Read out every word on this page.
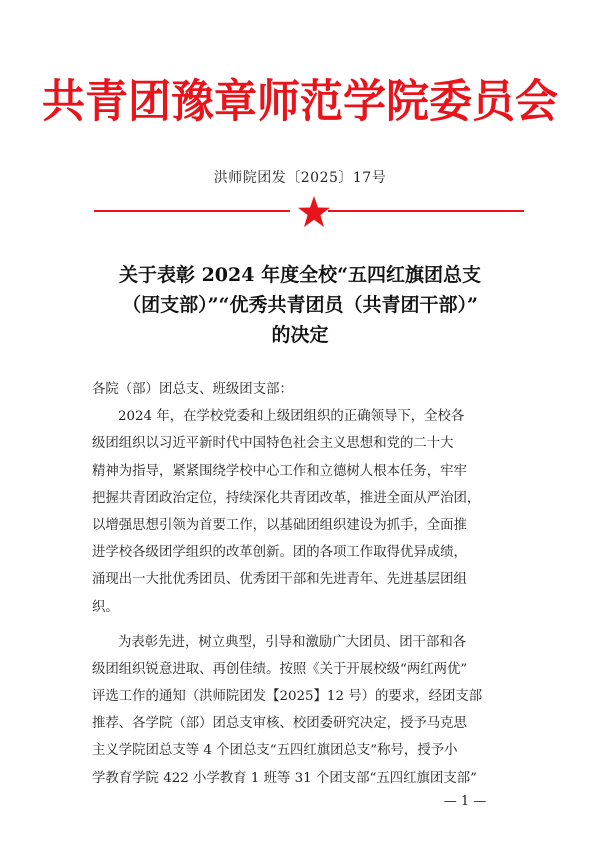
共青团豫章师范学院委员会
洪师院团发〔2025〕17号
关于表彰 2024 年度全校“五四红旗团总支
（团支部）”“优秀共青团员（共青团干部）”
的决定
各院（部）团总支、班级团支部：
2024 年，在学校党委和上级团组织的正确领导下，全校各
级团组织以习近平新时代中国特色社会主义思想和党的二十大
精神为指导，紧紧围绕学校中心工作和立德树人根本任务，牢牢
把握共青团政治定位，持续深化共青团改革，推进全面从严治团，
以增强思想引领为首要工作，以基础团组织建设为抓手，全面推
进学校各级团学组织的改革创新。团的各项工作取得优异成绩，
涌现出一大批优秀团员、优秀团干部和先进青年、先进基层团组
织。
为表彰先进，树立典型，引导和激励广大团员、团干部和各
级团组织锐意进取、再创佳绩。按照《关于开展校级“两红两优”
评选工作的通知（洪师院团发【2025】12 号）的要求，经团支部
推荐、各学院（部）团总支审核、校团委研究决定，授予马克思
主义学院团总支等 4 个团总支“五四红旗团总支”称号，授予小
学教育学院 422 小学教育 1 班等 31 个团支部“五四红旗团支部”
— 1 —
